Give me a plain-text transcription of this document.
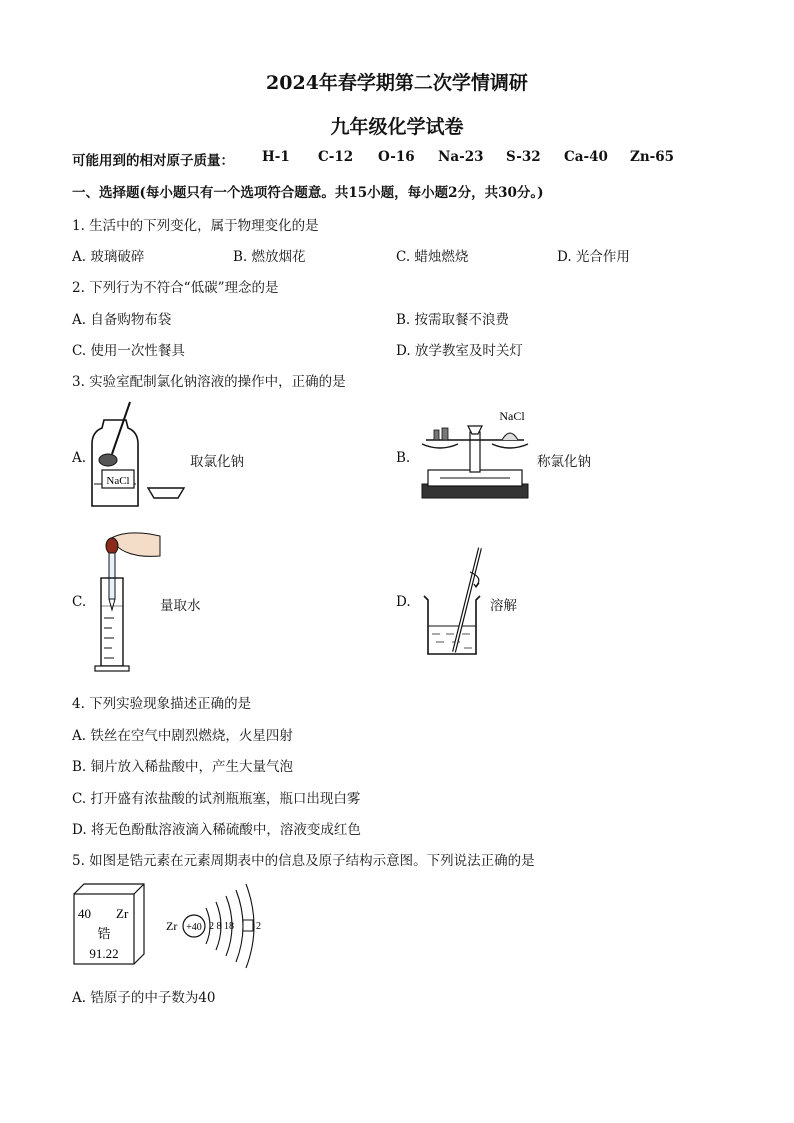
2024年春学期第二次学情调研
九年级化学试卷
可能用到的相对原子质量： H-1 C-12 O-16 Na-23 S-32 Ca-40 Zn-65
一、选择题(每小题只有一个选项符合题意。共15小题，每小题2分，共30分。)
1. 生活中的下列变化，属于物理变化的是
A. 玻璃破碎	B. 燃放烟花	C. 蜡烛燃烧	D. 光合作用
2. 下列行为不符合“低碳”理念的是
A. 自备购物布袋	B. 按需取餐不浪费
C. 使用一次性餐具	D. 放学教室及时关灯
3. 实验室配制氯化钠溶液的操作中，正确的是
A.
NaCl
取氯化钠	B.
NaCl
称氯化钠
C.	量取水	D.	溶解
4. 下列实验现象描述正确的是
A. 铁丝在空气中剧烈燃烧，火星四射
B. 铜片放入稀盐酸中，产生大量气泡
C. 打开盛有浓盐酸的试剂瓶瓶塞，瓶口出现白雾
D. 将无色酚酞溶液滴入稀硫酸中，溶液变成红色
5. 如图是锆元素在元素周期表中的信息及原子结构示意图。下列说法正确的是
40 Zr
锆
91.22
Zr +40 2 8 18 2
A. 锆原子的中子数为40
